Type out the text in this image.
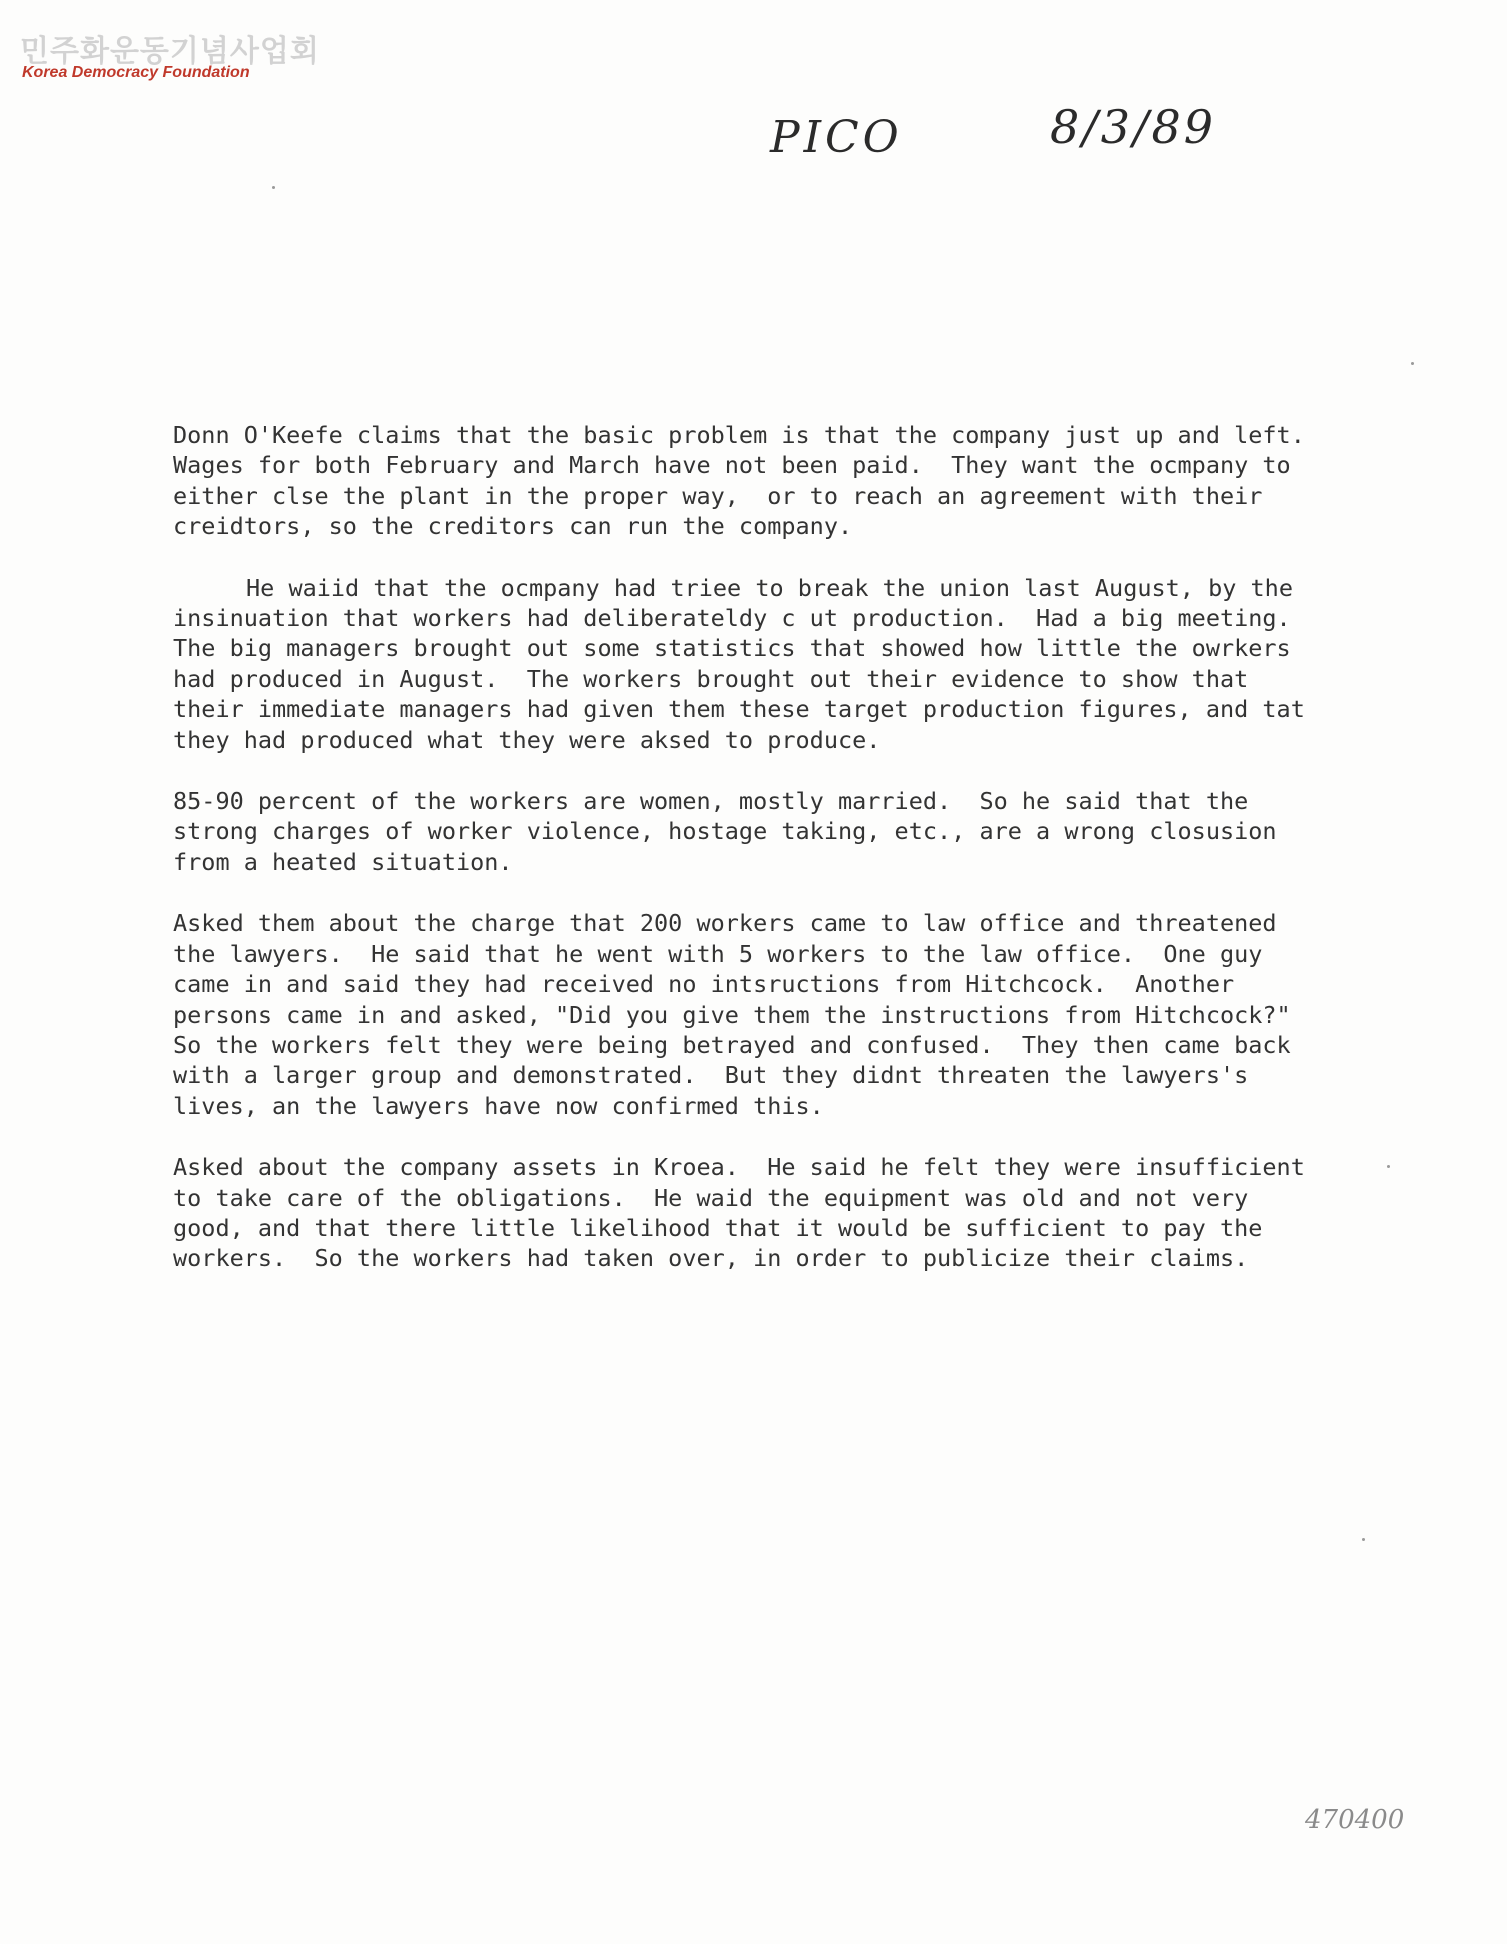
민주화운동기념사업회
Korea Democracy Foundation
PICO	8/3/89

Donn O'Keefe claims that the basic problem is that the company just up and left.
Wages for both February and March have not been paid.  They want the ocmpany to
either clse the plant in the proper way,  or to reach an agreement with their
creidtors, so the creditors can run the company.

He waiid that the ocmpany had triee to break the union last August, by the
insinuation that workers had deliberateldy c ut production.  Had a big meeting.
The big managers brought out some statistics that showed how little the owrkers
had produced in August.  The workers brought out their evidence to show that
their immediate managers had given them these target production figures, and tat
they had produced what they were aksed to produce.

85-90 percent of the workers are women, mostly married.  So he said that the
strong charges of worker violence, hostage taking, etc., are a wrong closusion
from a heated situation.

Asked them about the charge that 200 workers came to law office and threatened
the lawyers.  He said that he went with 5 workers to the law office.  One guy
came in and said they had received no intsructions from Hitchcock.  Another
persons came in and asked, "Did you give them the instructions from Hitchcock?"
So the workers felt they were being betrayed and confused.  They then came back
with a larger group and demonstrated.  But they didnt threaten the lawyers's
lives, an the lawyers have now confirmed this.

Asked about the company assets in Kroea.  He said he felt they were insufficient
to take care of the obligations.  He waid the equipment was old and not very
good, and that there little likelihood that it would be sufficient to pay the
workers.  So the workers had taken over, in order to publicize their claims.

470400
